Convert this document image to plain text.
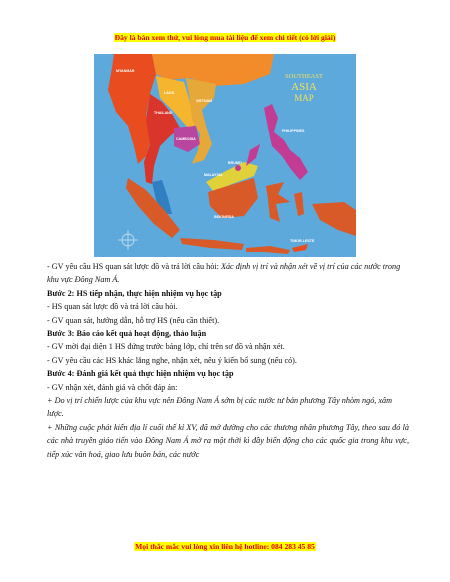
Đây là bản xem thử, vui lòng mua tài liệu để xem chi tiết (có lời giải)
SOUTHEAST
ASIA
MAP
MYANMAR
LAOS
THAILAND
VIETNAM
CAMBODIA
PHILIPPINES
MALAYSIA
BRUNEI
INDONESIA
TIMOR-LESTE

- GV yêu cầu HS quan sát lược đồ và trả lời câu hỏi: Xác định vị trí và nhận xét về vị trí của các nước trong khu vực Đông Nam Á.

Bước 2: HS tiếp nhận, thực hiện nhiệm vụ học tập

- HS quan sát lược đồ và trả lời câu hỏi.

- GV quan sát, hướng dẫn, hỗ trợ HS (nếu cần thiết).

Bước 3: Báo cáo kết quả hoạt động, thảo luận

- GV mời đại diện 1 HS đứng trước bảng lớp, chỉ trên sơ đồ và nhận xét.

- GV yêu cầu các HS khác lắng nghe, nhận xét, nêu ý kiến bổ sung (nếu có).

Bước 4: Đánh giá kết quả thực hiện nhiệm vụ học tập

- GV nhận xét, đánh giá và chốt đáp án:

+ Do vị trí chiến lược của khu vực nên Đông Nam Á sớm bị các nước tư bản phương Tây nhòm ngó, xâm lược.

+ Những cuộc phát kiến địa lí cuối thế kỉ XV, đã mở đường cho các thương nhân phương Tây, theo sau đó là các nhà truyền giáo tiến vào Đông Nam Á mở ra một thời kì đầy biến động cho các quốc gia trong khu vực, tiếp xúc văn hoá, giao lưu buôn bán, các nước

Mọi thắc mắc vui lòng xin liên hệ hotline: 084 283 45 85
